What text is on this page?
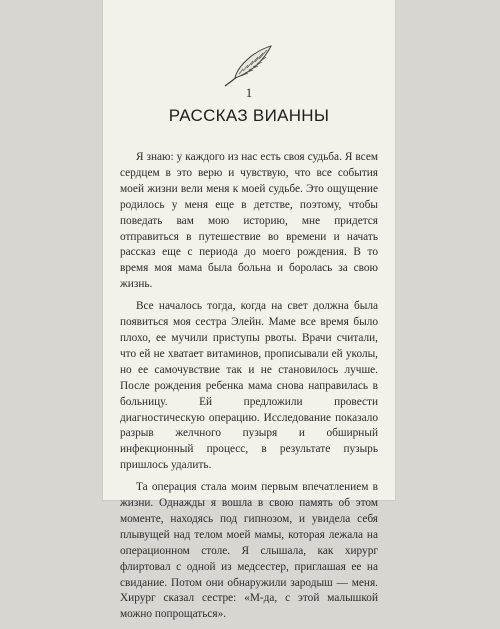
1
РАССКАЗ ВИАННЫ

Я знаю: у каждого из нас есть своя судьба. Я всем сердцем в это верю и чувствую, что все события моей жизни вели меня к моей судьбе. Это ощущение родилось у меня еще в детстве, поэтому, чтобы поведать вам мою историю, мне придется отправиться в путешествие во времени и начать рассказ еще с периода до моего рождения. В то время моя мама была больна и боролась за свою жизнь.

Все началось тогда, когда на свет должна была появиться моя сестра Элейн. Маме все время было плохо, ее мучили приступы рвоты. Врачи считали, что ей не хватает витаминов, прописывали ей уколы, но ее самочувствие так и не становилось лучше. После рождения ребенка мама снова направилась в больницу. Ей предложили провести диагностическую операцию. Исследование показало разрыв желчного пузыря и обширный инфекционный процесс, в результате пузырь пришлось удалить.

Та операция стала моим первым впечатлением в жизни. Однажды я вошла в свою память об этом моменте, находясь под гипнозом, и увидела себя плывущей над телом моей мамы, которая лежала на операционном столе. Я слышала, как хирург флиртовал с одной из медсестер, приглашая ее на свидание. Потом они обнаружили зародыш — меня. Хирург сказал сестре: «М-да, с этой малышкой можно попрощаться».
